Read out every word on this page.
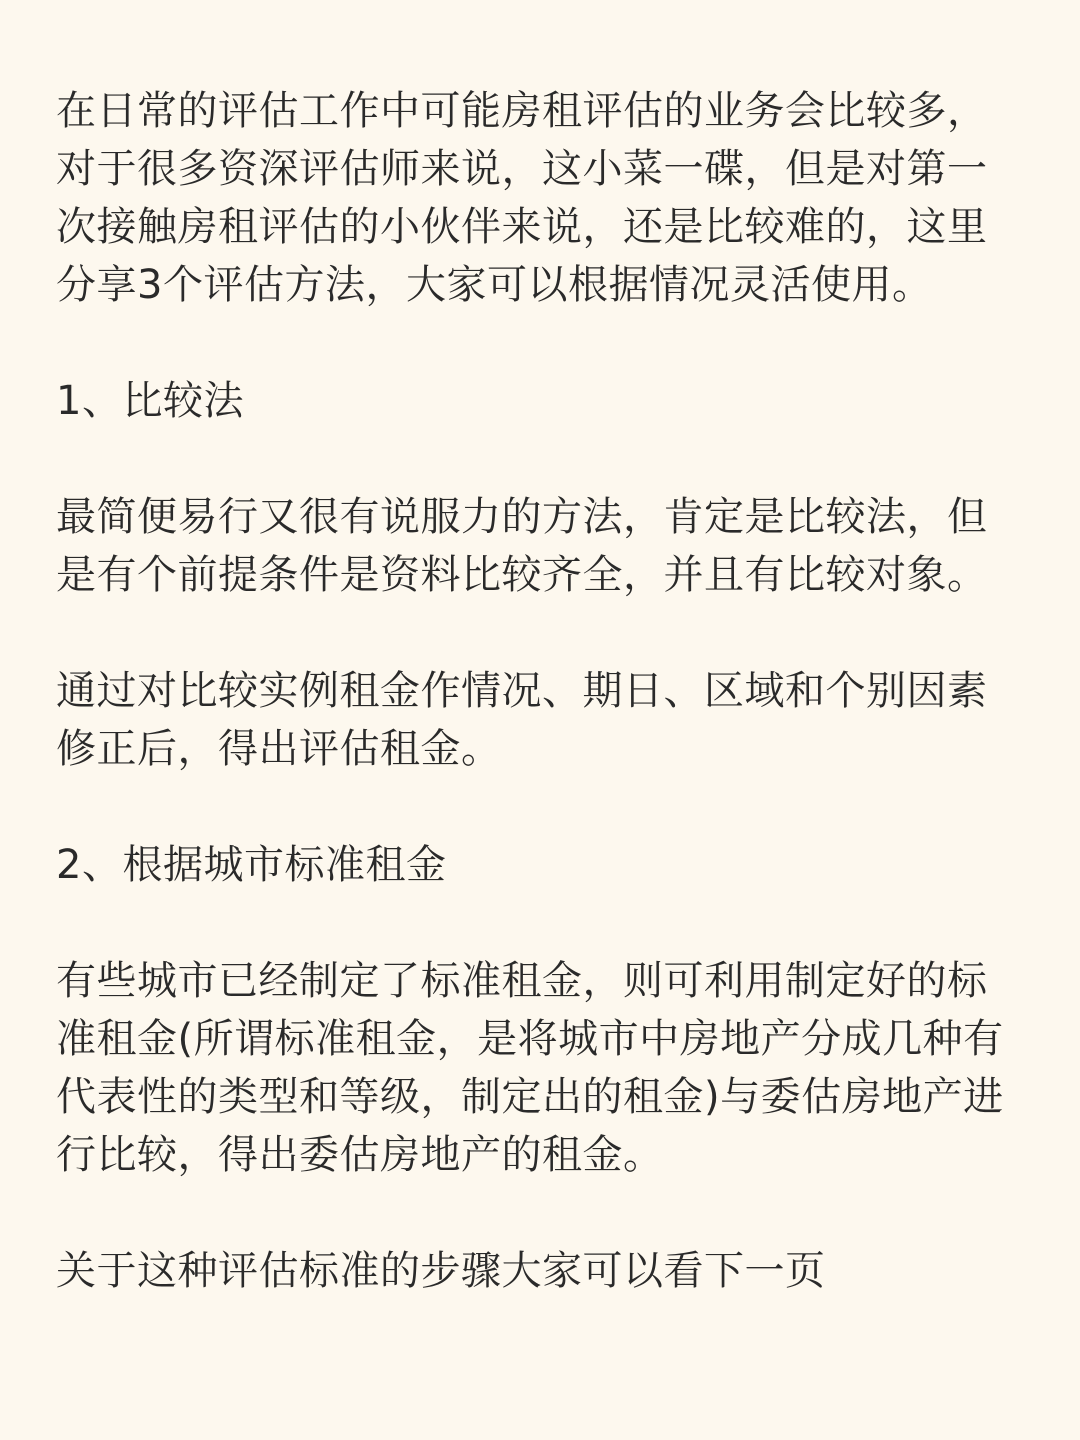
在日常的评估工作中可能房租评估的业务会比较多，
对于很多资深评估师来说，这小菜一碟，但是对第一
次接触房租评估的小伙伴来说，还是比较难的，这里
分享3个评估方法，大家可以根据情况灵活使用。

1、比较法

最简便易行又很有说服力的方法，肯定是比较法，但
是有个前提条件是资料比较齐全，并且有比较对象。

通过对比较实例租金作情况、期日、区域和个别因素
修正后，得出评估租金。

2、根据城市标准租金

有些城市已经制定了标准租金，则可利用制定好的标
准租金(所谓标准租金，是将城市中房地产分成几种有
代表性的类型和等级，制定出的租金)与委估房地产进
行比较，得出委估房地产的租金。

关于这种评估标准的步骤大家可以看下一页
